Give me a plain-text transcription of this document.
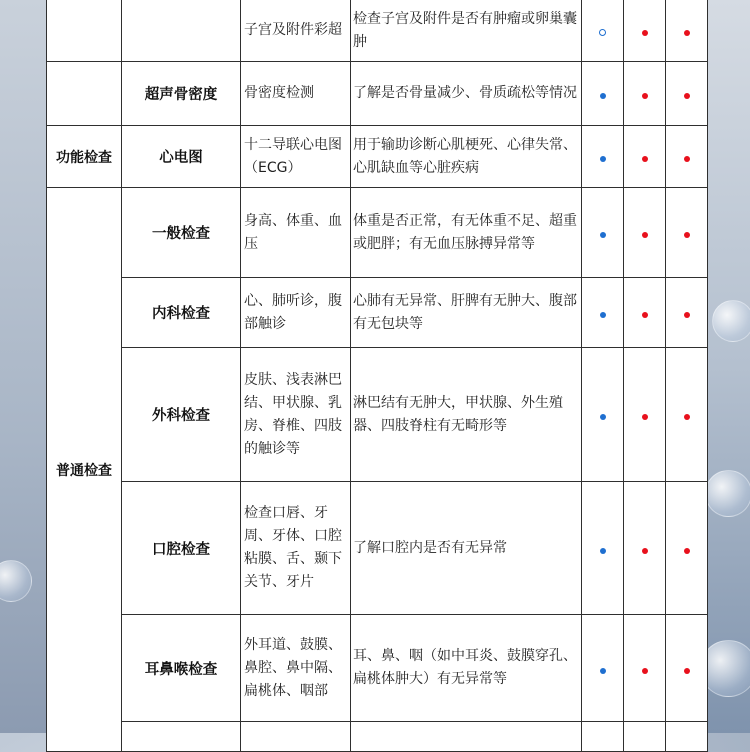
		子宫及附件彩超	检查子宫及附件是否有肿瘤或卵巢囊肿			
	超声骨密度	骨密度检测	了解是否骨量减少、骨质疏松等情况			
功能检查	心电图	十二导联心电图（ECG）	用于输助诊断心肌梗死、心律失常、心肌缺血等心脏疾病			
普通检查	一般检查	身高、体重、血压	体重是否正常，有无体重不足、超重或肥胖；有无血压脉搏异常等			
	内科检查	心、肺听诊，腹部触诊	心肺有无异常、肝脾有无肿大、腹部有无包块等			
	外科检查	皮肤、浅表淋巴结、甲状腺、乳房、脊椎、四肢的触诊等	淋巴结有无肿大，甲状腺、外生殖器、四肢脊柱有无畸形等			
	口腔检查	检查口唇、牙周、牙体、口腔粘膜、舌、颞下关节、牙片	了解口腔内是否有无异常			
	耳鼻喉检查	外耳道、鼓膜、鼻腔、鼻中隔、扁桃体、咽部	耳、鼻、咽（如中耳炎、鼓膜穿孔、扁桃体肿大）有无异常等			
